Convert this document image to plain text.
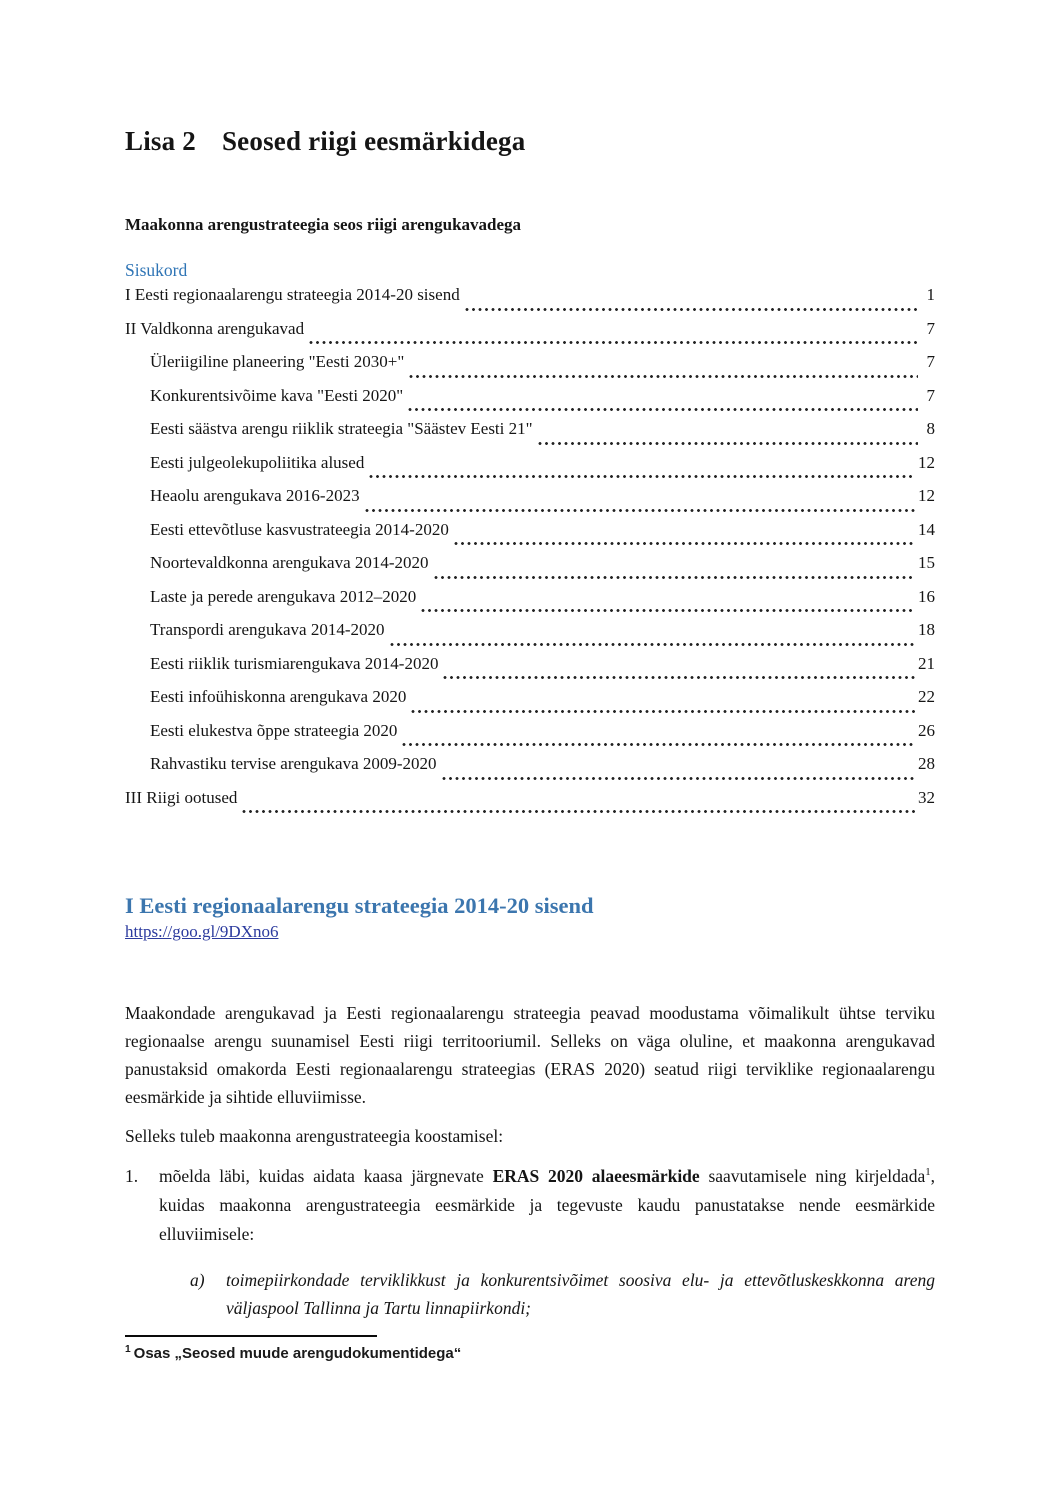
Lisa 2 Seosed riigi eesmärkidega

Maakonna arengustrateegia seos riigi arengukavadega

Sisukord

I Eesti regionaalarengu strateegia 2014-20 sisend	1
II Valdkonna arengukavad	7
Üleriigiline planeering "Eesti 2030+"	7
Konkurentsivõime kava "Eesti 2020"	7
Eesti säästva arengu riiklik strateegia "Säästev Eesti 21"	8
Eesti julgeolekupoliitika alused	12
Heaolu arengukava 2016-2023	12
Eesti ettevõtluse kasvustrateegia 2014-2020	14
Noortevaldkonna arengukava 2014-2020	15
Laste ja perede arengukava 2012–2020	16
Transpordi arengukava 2014-2020	18
Eesti riiklik turismiarengukava 2014-2020	21
Eesti infoühiskonna arengukava 2020	22
Eesti elukestva õppe strateegia 2020	26
Rahvastiku tervise arengukava 2009-2020	28
III Riigi ootused	32
I Eesti regionaalarengu strateegia 2014-20 sisend
https://goo.gl/9DXno6

Maakondade arengukavad ja Eesti regionaalarengu strateegia peavad moodustama võimalikult ühtse terviku regionaalse arengu suunamisel Eesti riigi territooriumil. Selleks on väga oluline, et maakonna arengukavad panustaksid omakorda Eesti regionaalarengu strateegias (ERAS 2020) seatud riigi terviklike regionaalarengu eesmärkide ja sihtide elluviimisse.

Selleks tuleb maakonna arengustrateegia koostamisel:

1.	mõelda läbi, kuidas aidata kaasa järgnevate ERAS 2020 alaeesmärkide saavutamisele ning kirjeldada$^1$, kuidas maakonna arengustrateegia eesmärkide ja tegevuste kaudu panustatakse nende eesmärkide elluviimisele:
a)	toimepiirkondade terviklikkust ja konkurentsivõimet soosiva elu- ja ettevõtluskeskkonna areng väljaspool Tallinna ja Tartu linnapiirkondi;

$^1$ Osas „Seosed muude arengudokumentidega“
